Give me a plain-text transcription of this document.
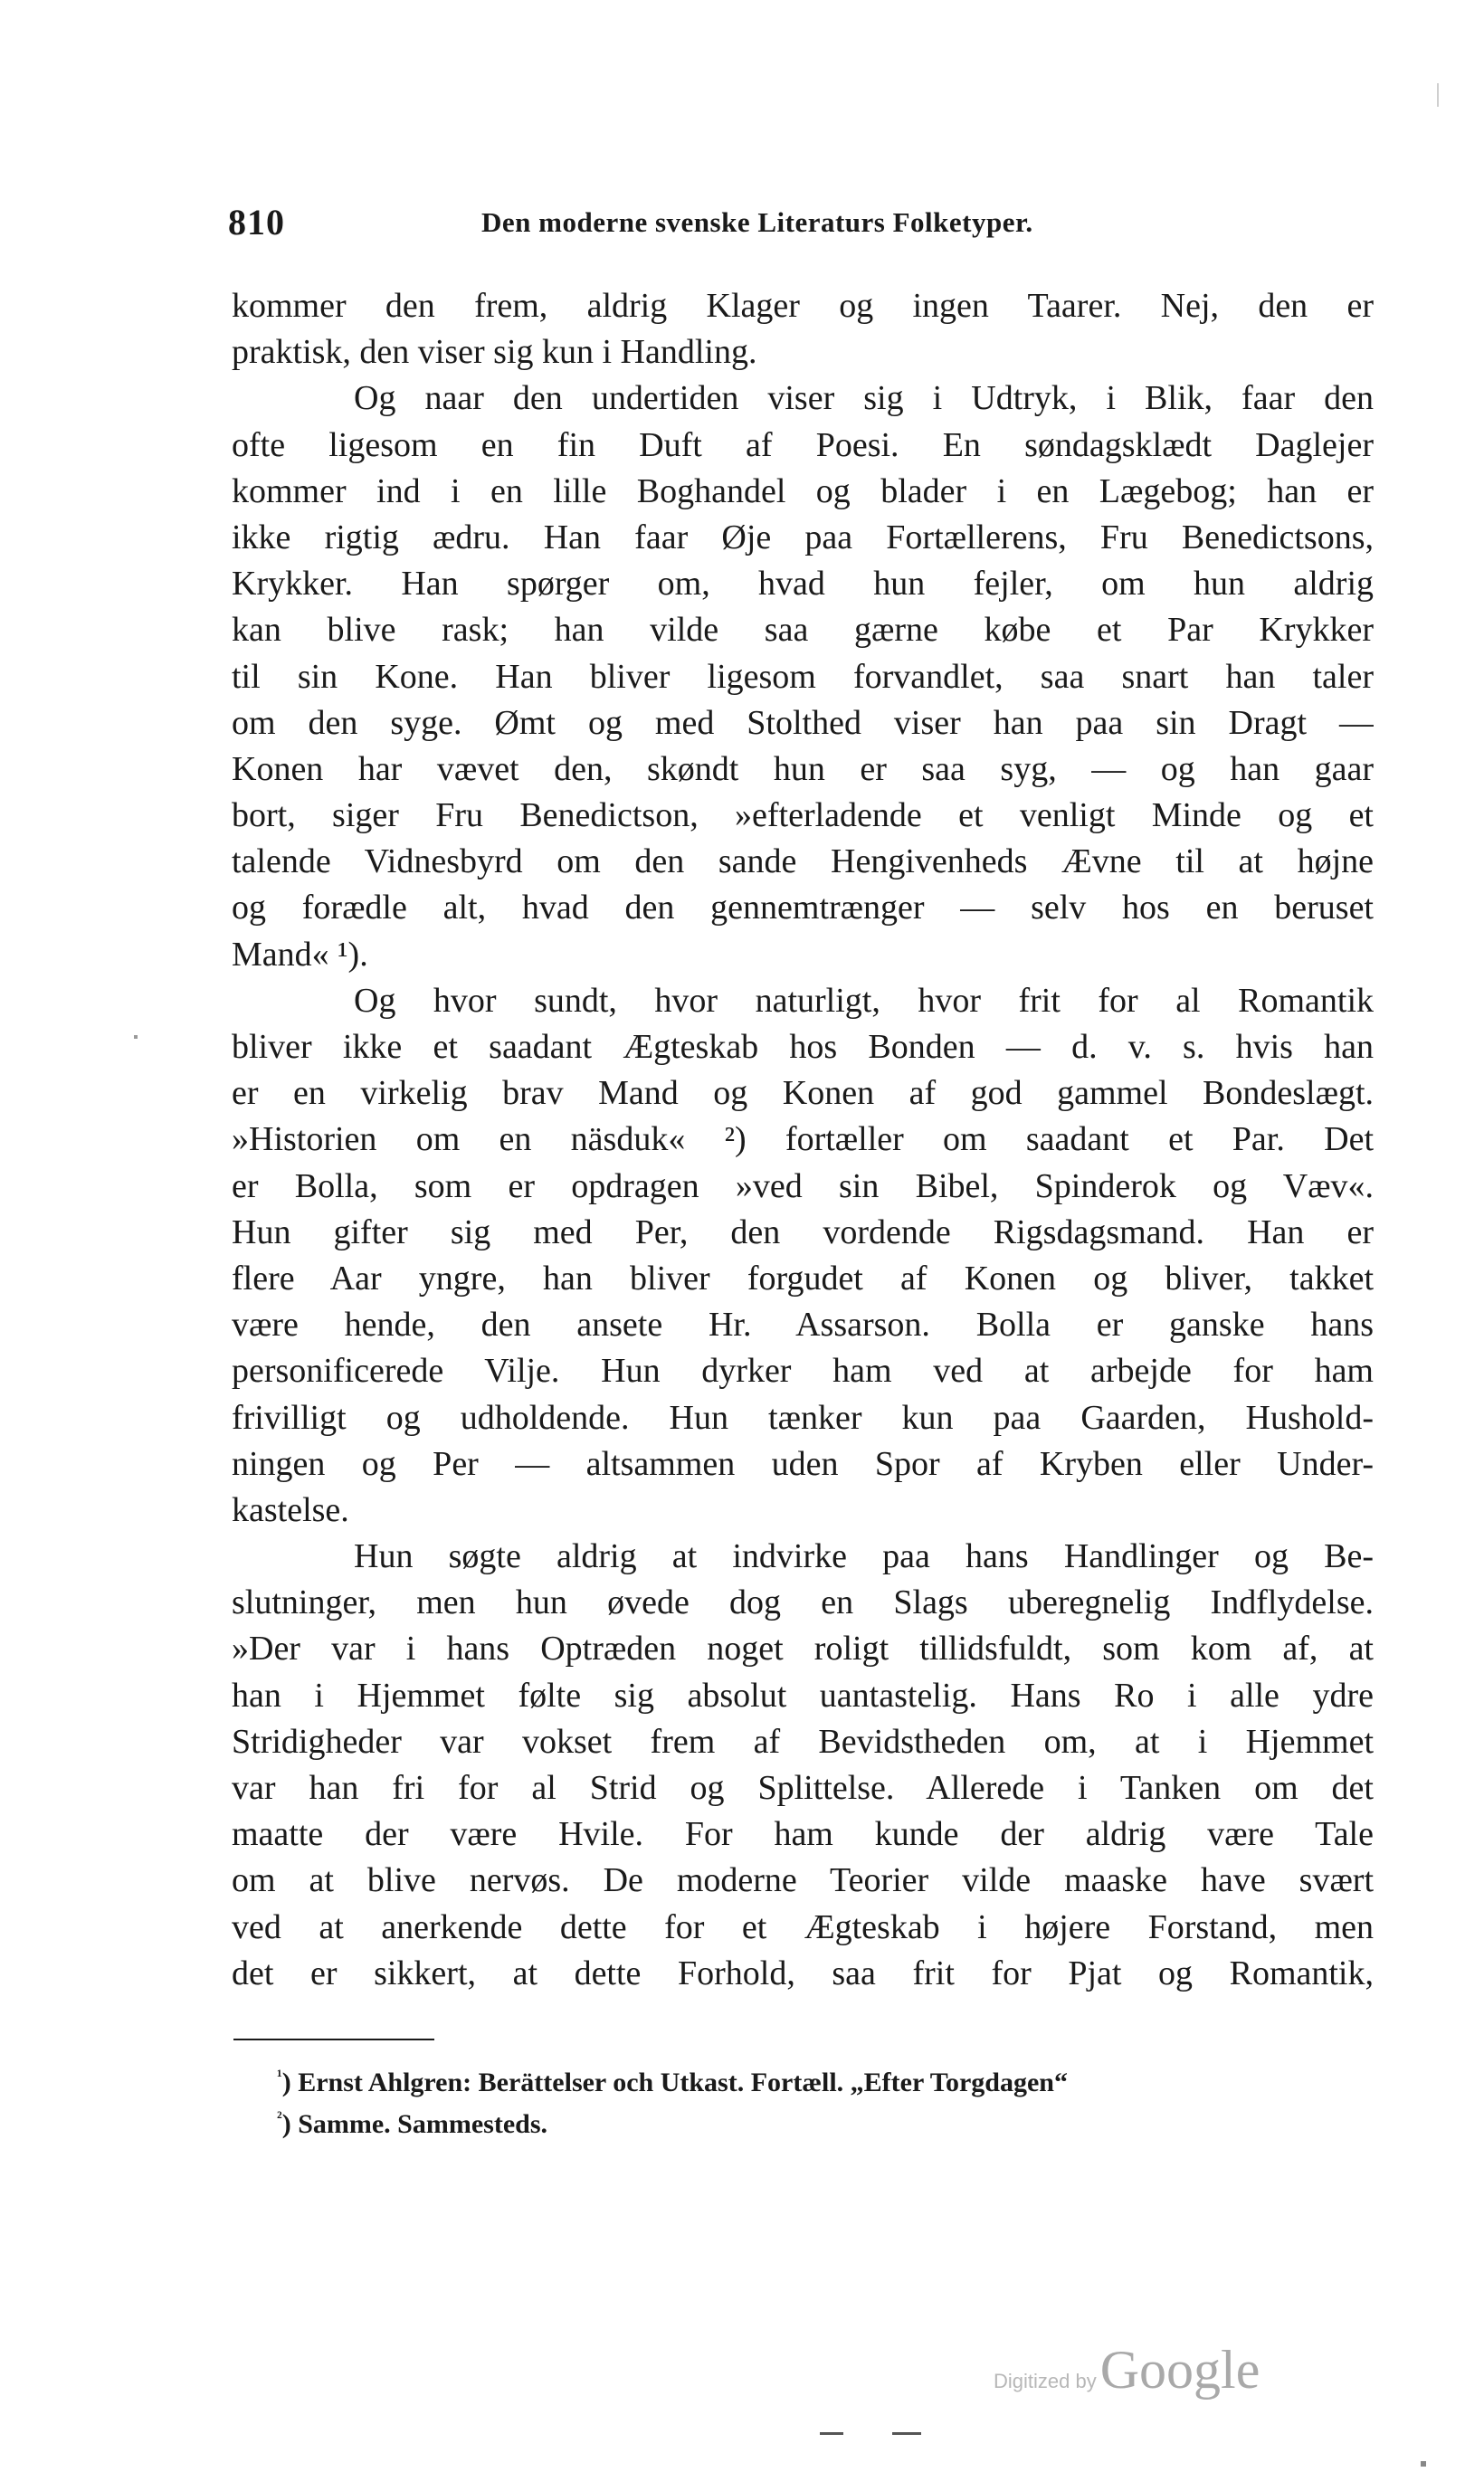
810	Den moderne svenske Literaturs Folketyper.
kommer den frem, aldrig Klager og ingen Taarer. Nej, den er
praktisk, den viser sig kun i Handling.
Og naar den undertiden viser sig i Udtryk, i Blik, faar den
ofte ligesom en fin Duft af Poesi. En søndagsklædt Daglejer
kommer ind i en lille Boghandel og blader i en Lægebog; han er
ikke rigtig ædru. Han faar Øje paa Fortællerens, Fru Benedictsons,
Krykker. Han spørger om, hvad hun fejler, om hun aldrig
kan blive rask; han vilde saa gærne købe et Par Krykker
til sin Kone. Han bliver ligesom forvandlet, saa snart han taler
om den syge. Ømt og med Stolthed viser han paa sin Dragt —
Konen har vævet den, skøndt hun er saa syg, — og han gaar
bort, siger Fru Benedictson, »efterladende et venligt Minde og et
talende Vidnesbyrd om den sande Hengivenheds Ævne til at højne
og forædle alt, hvad den gennemtrænger — selv hos en beruset
Mand« ¹).
Og hvor sundt, hvor naturligt, hvor frit for al Romantik
bliver ikke et saadant Ægteskab hos Bonden — d. v. s. hvis han
er en virkelig brav Mand og Konen af god gammel Bondeslægt.
»Historien om en näsduk« ²) fortæller om saadant et Par. Det
er Bolla, som er opdragen »ved sin Bibel, Spinderok og Væv«.
Hun gifter sig med Per, den vordende Rigsdagsmand. Han er
flere Aar yngre, han bliver forgudet af Konen og bliver, takket
være hende, den ansete Hr. Assarson. Bolla er ganske hans
personificerede Vilje. Hun dyrker ham ved at arbejde for ham
frivilligt og udholdende. Hun tænker kun paa Gaarden, Hushold-
ningen og Per — altsammen uden Spor af Kryben eller Under-
kastelse.
Hun søgte aldrig at indvirke paa hans Handlinger og Be-
slutninger, men hun øvede dog en Slags uberegnelig Indflydelse.
»Der var i hans Optræden noget roligt tillidsfuldt, som kom af, at
han i Hjemmet følte sig absolut uantastelig. Hans Ro i alle ydre
Stridigheder var vokset frem af Bevidstheden om, at i Hjemmet
var han fri for al Strid og Splittelse. Allerede i Tanken om det
maatte der være Hvile. For ham kunde der aldrig være Tale
om at blive nervøs. De moderne Teorier vilde maaske have svært
ved at anerkende dette for et Ægteskab i højere Forstand, men
det er sikkert, at dette Forhold, saa frit for Pjat og Romantik,
$^{^1}$) Ernst Ahlgren: Berättelser och Utkast. Fortæll. „Efter Torgdagen“
$^{^2}$) Samme. Sammesteds.
Digitized by Google
